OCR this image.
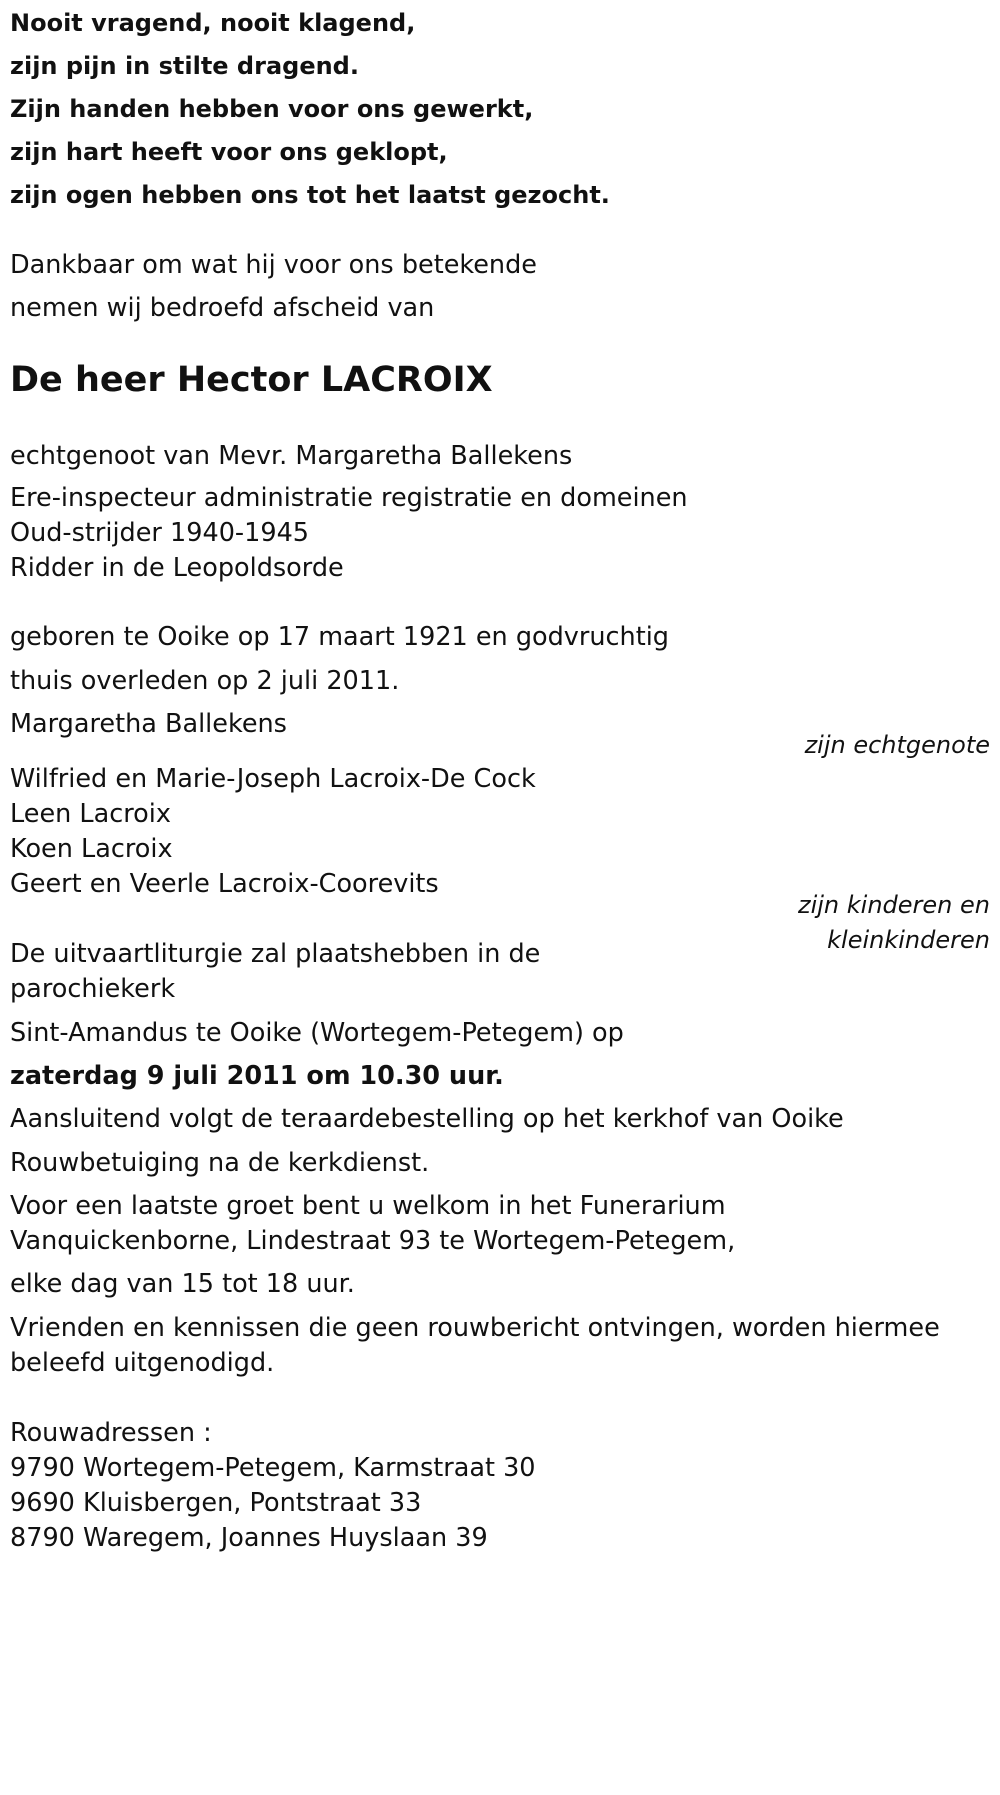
Nooit vragend, nooit klagend,
zijn pijn in stilte dragend.
Zijn handen hebben voor ons gewerkt,
zijn hart heeft voor ons geklopt,
zijn ogen hebben ons tot het laatst gezocht.
Dankbaar om wat hij voor ons betekende
nemen wij bedroefd afscheid van
De heer Hector LACROIX
echtgenoot van Mevr. Margaretha Ballekens
Ere-inspecteur administratie registratie en domeinen
Oud-strijder 1940-1945
Ridder in de Leopoldsorde
geboren te Ooike op 17 maart 1921 en godvruchtig
thuis overleden op 2 juli 2011.
Margaretha Ballekens
zijn echtgenote
Wilfried en Marie-Joseph Lacroix-De Cock
Leen Lacroix
Koen Lacroix
Geert en Veerle Lacroix-Coorevits
zijn kinderen en
kleinkinderen
De uitvaartliturgie zal plaatshebben in de
parochiekerk
Sint-Amandus te Ooike (Wortegem-Petegem) op
zaterdag 9 juli 2011 om 10.30 uur.
Aansluitend volgt de teraardebestelling op het kerkhof van Ooike
Rouwbetuiging na de kerkdienst.
Voor een laatste groet bent u welkom in het Funerarium
Vanquickenborne, Lindestraat 93 te Wortegem-Petegem,
elke dag van 15 tot 18 uur.
Vrienden en kennissen die geen rouwbericht ontvingen, worden hiermee
beleefd uitgenodigd.
Rouwadressen :
9790 Wortegem-Petegem, Karmstraat 30
9690 Kluisbergen, Pontstraat 33
8790 Waregem, Joannes Huyslaan 39
